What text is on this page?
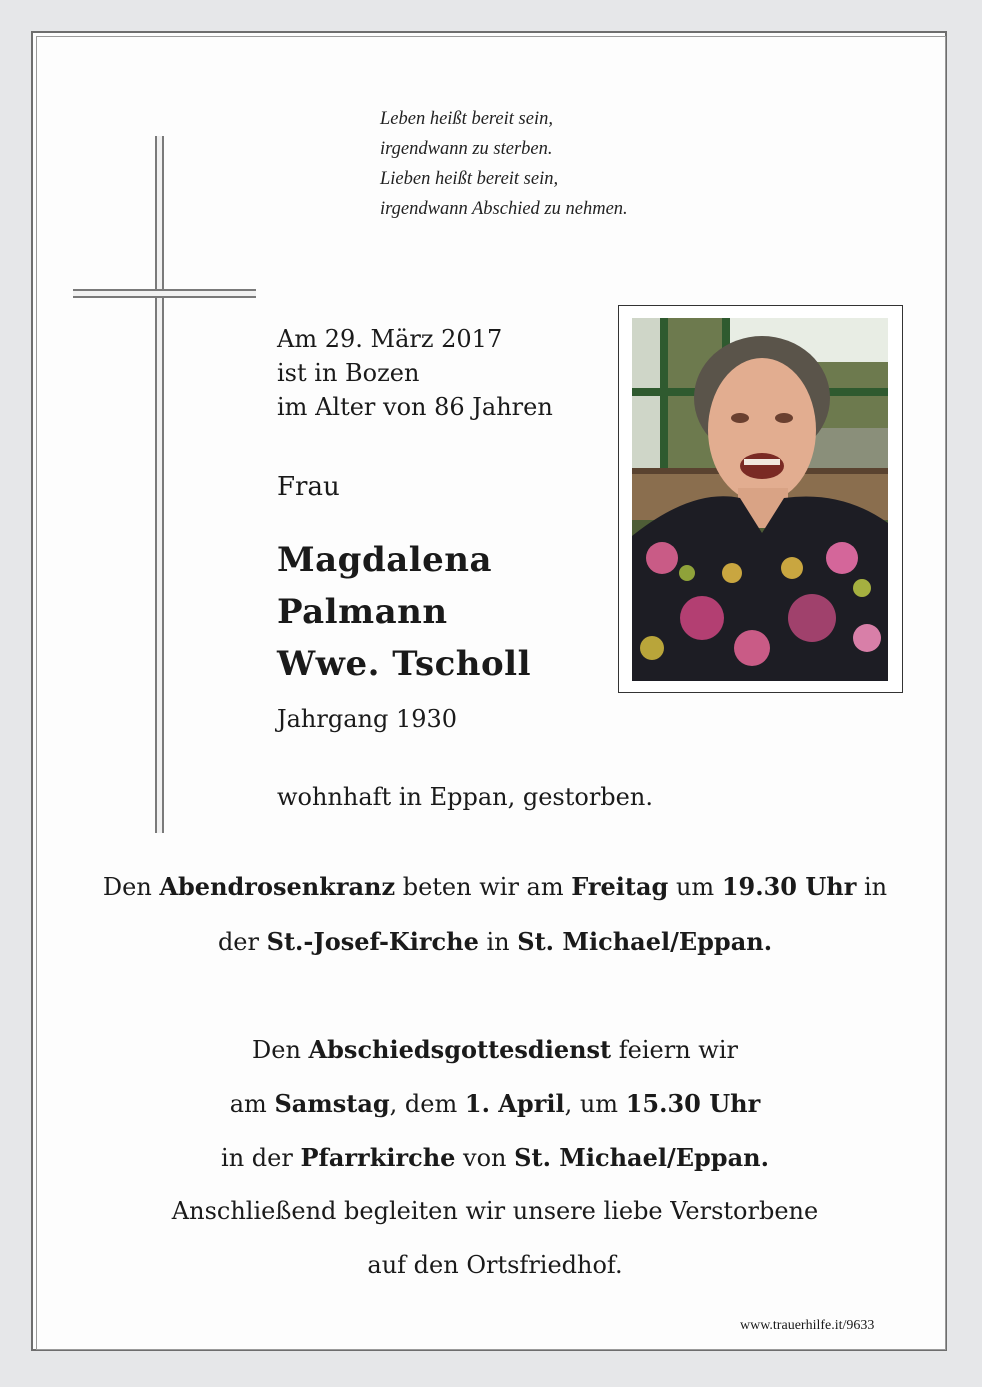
Leben heißt bereit sein,
irgendwann zu sterben.
Lieben heißt bereit sein,
irgendwann Abschied zu nehmen.
Am 29. März 2017
ist in Bozen
im Alter von 86 Jahren
Frau
Magdalena
Palmann
Wwe. Tscholl
Jahrgang 1930
wohnhaft in Eppan, gestorben.
Den Abendrosenkranz beten wir am Freitag um 19.30 Uhr in
der St.-Josef-Kirche in St. Michael/Eppan.
Den Abschiedsgottesdienst feiern wir
am Samstag, dem 1. April, um 15.30 Uhr
in der Pfarrkirche von St. Michael/Eppan.
Anschließend begleiten wir unsere liebe Verstorbene
auf den Ortsfriedhof.
www.trauerhilfe.it/9633
